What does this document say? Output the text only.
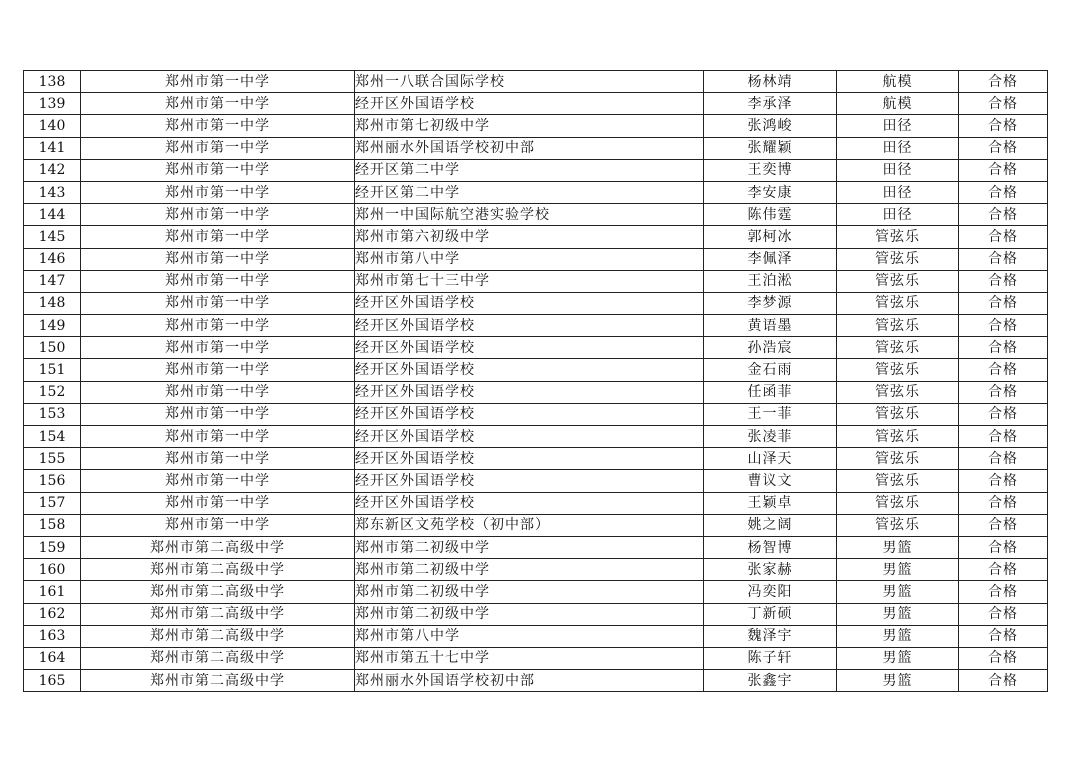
138	郑州市第一中学	郑州一八联合国际学校	杨林靖	航模	合格
139	郑州市第一中学	经开区外国语学校	李承泽	航模	合格
140	郑州市第一中学	郑州市第七初级中学	张鸿峻	田径	合格
141	郑州市第一中学	郑州丽水外国语学校初中部	张耀颖	田径	合格
142	郑州市第一中学	经开区第二中学	王奕博	田径	合格
143	郑州市第一中学	经开区第二中学	李安康	田径	合格
144	郑州市第一中学	郑州一中国际航空港实验学校	陈伟霆	田径	合格
145	郑州市第一中学	郑州市第六初级中学	郭柯冰	管弦乐	合格
146	郑州市第一中学	郑州市第八中学	李佩泽	管弦乐	合格
147	郑州市第一中学	郑州市第七十三中学	王泊淞	管弦乐	合格
148	郑州市第一中学	经开区外国语学校	李梦源	管弦乐	合格
149	郑州市第一中学	经开区外国语学校	黄语墨	管弦乐	合格
150	郑州市第一中学	经开区外国语学校	孙浩宸	管弦乐	合格
151	郑州市第一中学	经开区外国语学校	金石雨	管弦乐	合格
152	郑州市第一中学	经开区外国语学校	任函菲	管弦乐	合格
153	郑州市第一中学	经开区外国语学校	王一菲	管弦乐	合格
154	郑州市第一中学	经开区外国语学校	张凌菲	管弦乐	合格
155	郑州市第一中学	经开区外国语学校	山泽天	管弦乐	合格
156	郑州市第一中学	经开区外国语学校	曹议文	管弦乐	合格
157	郑州市第一中学	经开区外国语学校	王颖卓	管弦乐	合格
158	郑州市第一中学	郑东新区文苑学校（初中部）	姚之阔	管弦乐	合格
159	郑州市第二高级中学	郑州市第二初级中学	杨智博	男篮	合格
160	郑州市第二高级中学	郑州市第二初级中学	张家赫	男篮	合格
161	郑州市第二高级中学	郑州市第二初级中学	冯奕阳	男篮	合格
162	郑州市第二高级中学	郑州市第二初级中学	丁新硕	男篮	合格
163	郑州市第二高级中学	郑州市第八中学	魏泽宇	男篮	合格
164	郑州市第二高级中学	郑州市第五十七中学	陈子轩	男篮	合格
165	郑州市第二高级中学	郑州丽水外国语学校初中部	张鑫宇	男篮	合格
